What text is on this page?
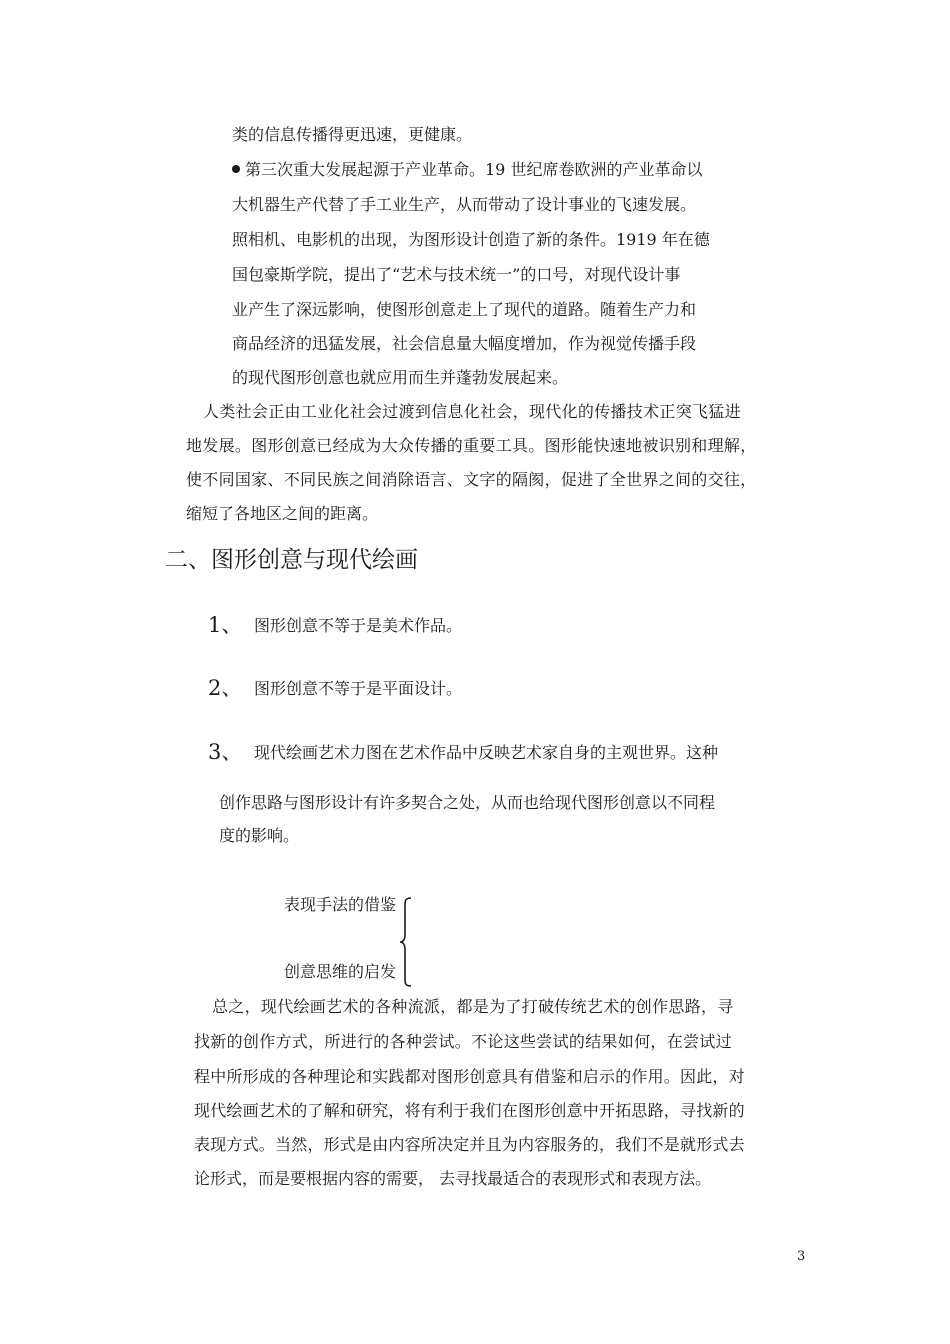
类的信息传播得更迅速，更健康。
第三次重大发展起源于产业革命。19 世纪席卷欧洲的产业革命以
大机器生产代替了手工业生产，从而带动了设计事业的飞速发展。
照相机、电影机的出现，为图形设计创造了新的条件。1919 年在德
国包豪斯学院，提出了“艺术与技术统一”的口号，对现代设计事
业产生了深远影响，使图形创意走上了现代的道路。随着生产力和
商品经济的迅猛发展，社会信息量大幅度增加，作为视觉传播手段
的现代图形创意也就应用而生并蓬勃发展起来。
人类社会正由工业化社会过渡到信息化社会，现代化的传播技术正突飞猛进
地发展。图形创意已经成为大众传播的重要工具。图形能快速地被识别和理解，
使不同国家、不同民族之间消除语言、文字的隔阂，促进了全世界之间的交往，
缩短了各地区之间的距离。
二、图形创意与现代绘画
1、 图形创意不等于是美术作品。
2、 图形创意不等于是平面设计。
3、 现代绘画艺术力图在艺术作品中反映艺术家自身的主观世界。这种
创作思路与图形设计有许多契合之处，从而也给现代图形创意以不同程
度的影响。
表现手法的借鉴
创意思维的启发
总之，现代绘画艺术的各种流派，都是为了打破传统艺术的创作思路，寻
找新的创作方式，所进行的各种尝试。不论这些尝试的结果如何，在尝试过
程中所形成的各种理论和实践都对图形创意具有借鉴和启示的作用。因此，对
现代绘画艺术的了解和研究，将有利于我们在图形创意中开拓思路，寻找新的
表现方式。当然，形式是由内容所决定并且为内容服务的，我们不是就形式去
论形式，而是要根据内容的需要， 去寻找最适合的表现形式和表现方法。
3
